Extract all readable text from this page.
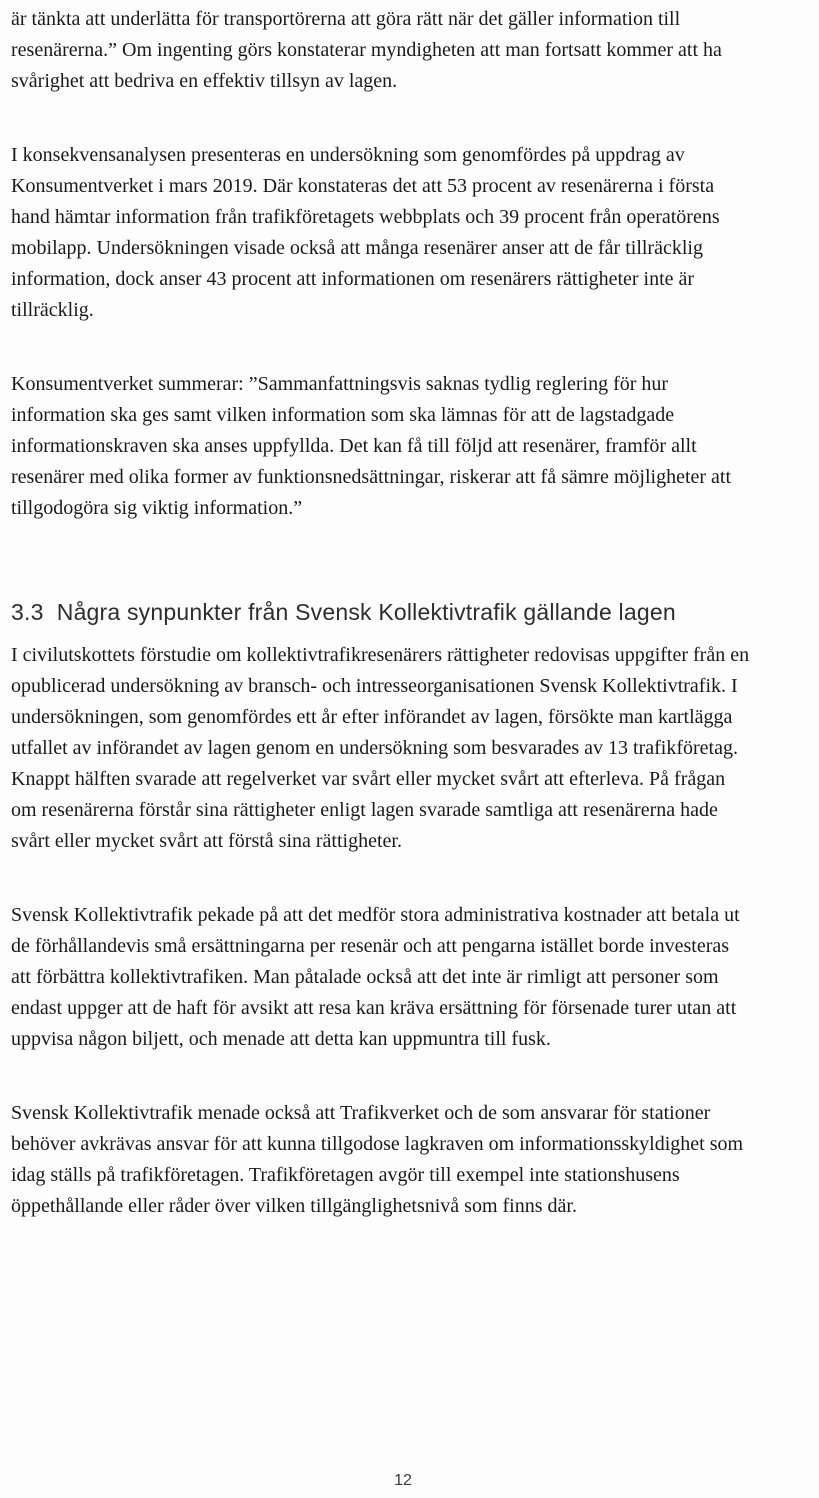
är tänkta att underlätta för transportörerna att göra rätt när det gäller information till
resenärerna.” Om ingenting görs konstaterar myndigheten att man fortsatt kommer att ha
svårighet att bedriva en effektiv tillsyn av lagen.
I konsekvensanalysen presenteras en undersökning som genomfördes på uppdrag av
Konsumentverket i mars 2019. Där konstateras det att 53 procent av resenärerna i första
hand hämtar information från trafikföretagets webbplats och 39 procent från operatörens
mobilapp. Undersökningen visade också att många resenärer anser att de får tillräcklig
information, dock anser 43 procent att informationen om resenärers rättigheter inte är
tillräcklig.
Konsumentverket summerar: ”Sammanfattningsvis saknas tydlig reglering för hur
information ska ges samt vilken information som ska lämnas för att de lagstadgade
informationskraven ska anses uppfyllda. Det kan få till följd att resenärer, framför allt
resenärer med olika former av funktionsnedsättningar, riskerar att få sämre möjligheter att
tillgodogöra sig viktig information.”
3.3  Några synpunkter från Svensk Kollektivtrafik gällande lagen
I civilutskottets förstudie om kollektivtrafikresenärers rättigheter redovisas uppgifter från en
opublicerad undersökning av bransch- och intresseorganisationen Svensk Kollektivtrafik. I
undersökningen, som genomfördes ett år efter införandet av lagen, försökte man kartlägga
utfallet av införandet av lagen genom en undersökning som besvarades av 13 trafikföretag.
Knappt hälften svarade att regelverket var svårt eller mycket svårt att efterleva. På frågan
om resenärerna förstår sina rättigheter enligt lagen svarade samtliga att resenärerna hade
svårt eller mycket svårt att förstå sina rättigheter.
Svensk Kollektivtrafik pekade på att det medför stora administrativa kostnader att betala ut
de förhållandevis små ersättningarna per resenär och att pengarna istället borde investeras
att förbättra kollektivtrafiken. Man påtalade också att det inte är rimligt att personer som
endast uppger att de haft för avsikt att resa kan kräva ersättning för försenade turer utan att
uppvisa någon biljett, och menade att detta kan uppmuntra till fusk.
Svensk Kollektivtrafik menade också att Trafikverket och de som ansvarar för stationer
behöver avkrävas ansvar för att kunna tillgodose lagkraven om informationsskyldighet som
idag ställs på trafikföretagen. Trafikföretagen avgör till exempel inte stationshusens
öppethållande eller råder över vilken tillgänglighetsnivå som finns där.
12
